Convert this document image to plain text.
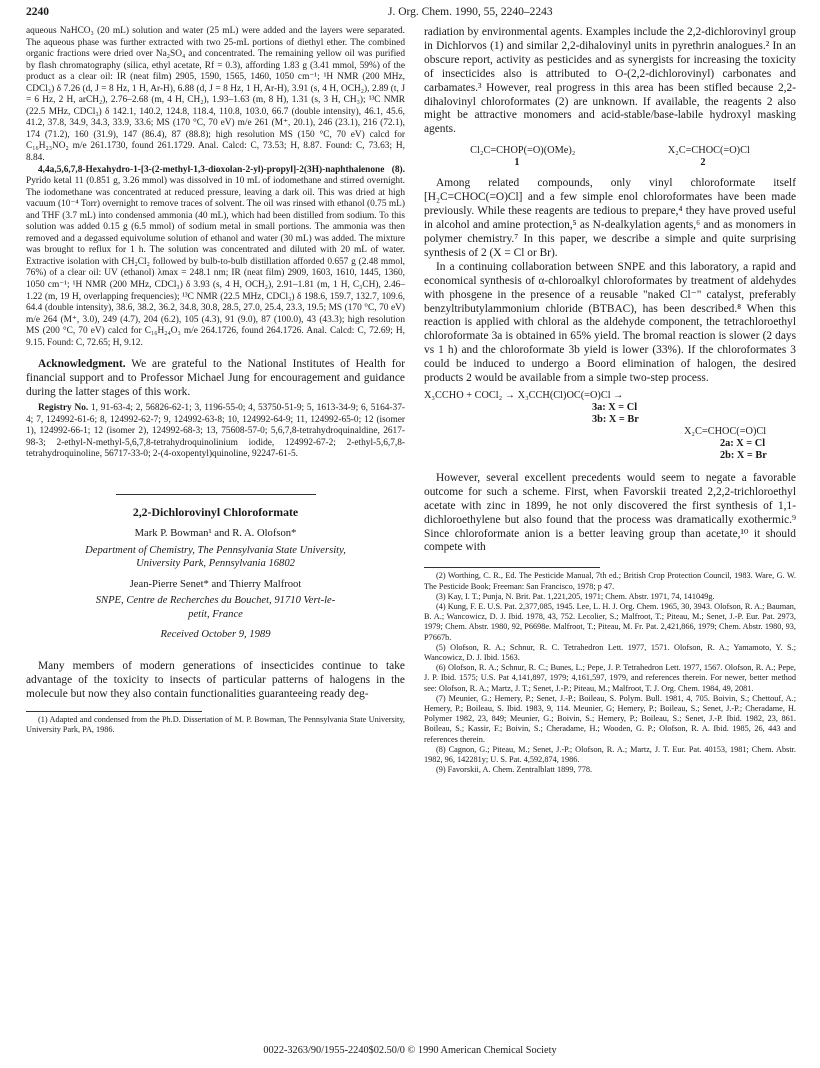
2240	J. Org. Chem. 1990, 55, 2240–2243

aqueous NaHCO₃ (20 mL) solution and water (25 mL) were added and the layers were separated. The aqueous phase was further extracted with two 25-mL portions of diethyl ether. The combined organic fractions were dried over Na₂SO₄ and concentrated. The remaining yellow oil was purified by flash chromatography (silica, ethyl acetate, Rf = 0.3), affording 1.83 g (3.41 mmol, 59%) of the product as a clear oil: IR (neat film) 2905, 1590, 1565, 1460, 1050 cm⁻¹; ¹H NMR (200 MHz, CDCl₃) δ 7.26 (d, J = 8 Hz, 1 H, Ar-H), 6.88 (d, J = 8 Hz, 1 H, Ar-H), 3.91 (s, 4 H, OCH₂), 2.89 (t, J = 6 Hz, 2 H, arCH₂), 2.76–2.68 (m, 4 H, CH₂), 1.93–1.63 (m, 8 H), 1.31 (s, 3 H, CH₃); ¹³C NMR (22.5 MHz, CDCl₃) δ 142.1, 140.2, 124.8, 118.4, 110.8, 103.0, 66.7 (double intensity), 46.1, 45.6, 41.2, 37.8, 34.9, 34.3, 33.9, 33.6; MS (170 °C, 70 eV) m/e 261 (M⁺, 20.1), 246 (23.1), 216 (72.1), 174 (71.2), 160 (31.9), 147 (86.4), 87 (88.8); high resolution MS (150 °C, 70 eV) calcd for C₁₆H₂₃NO₂ m/e 261.1730, found 261.1729. Anal. Calcd: C, 73.53; H, 8.87. Found: C, 73.63; H, 8.84.

4,4a,5,6,7,8-Hexahydro-1-[3-(2-methyl-1,3-dioxolan-2-yl)-propyl]-2(3H)-naphthalenone (8). Pyrido ketal 11 (0.851 g, 3.26 mmol) was dissolved in 10 mL of iodomethane and stirred overnight. The iodomethane was concentrated at reduced pressure, leaving a dark oil. This was dried at high vacuum (10⁻⁴ Torr) overnight to remove traces of solvent. The oil was rinsed with ethanol (0.75 mL) and THF (3.7 mL) into condensed ammonia (40 mL), which had been distilled from sodium. To this solution was added 0.15 g (6.5 mmol) of sodium metal in small portions. The ammonia was then removed and a degassed equivolume solution of ethanol and water (30 mL) was added. The mixture was brought to reflux for 1 h. The solution was concentrated and diluted with 20 mL of water. Extractive isolation with CH₂Cl₂ followed by bulb-to-bulb distillation afforded 0.657 g (2.48 mmol, 76%) of a clear oil: UV (ethanol) λmax = 248.1 nm; IR (neat film) 2909, 1603, 1610, 1445, 1360, 1050 cm⁻¹; ¹H NMR (200 MHz, CDCl₃) δ 3.93 (s, 4 H, OCH₂), 2.91–1.81 (m, 1 H, C₃CH), 2.46–1.22 (m, 19 H, overlapping frequencies); ¹³C NMR (22.5 MHz, CDCl₃) δ 198.6, 159.7, 132.7, 109.6, 64.4 (double intensity), 38.6, 38.2, 36.2, 34.8, 30.8, 28.5, 27.0, 25.4, 23.3, 19.5; MS (170 °C, 70 eV) m/e 264 (M⁺, 3.0), 249 (4.7), 204 (6.2), 105 (4.3), 91 (9.0), 87 (100.0), 43 (43.3); high resolution MS (200 °C, 70 eV) calcd for C₁₆H₂₄O₃ m/e 264.1726, found 264.1726. Anal. Calcd: C, 72.69; H, 9.15. Found: C, 72.65; H, 9.12.

Acknowledgment. We are grateful to the National Institutes of Health for financial support and to Professor Michael Jung for encouragement and guidance during the latter stages of this work.

Registry No. 1, 91-63-4; 2, 56826-62-1; 3, 1196-55-0; 4, 53750-51-9; 5, 1613-34-9; 6, 5164-37-4; 7, 124992-61-6; 8, 124992-62-7; 9, 124992-63-8; 10, 124992-64-9; 11, 124992-65-0; 12 (isomer 1), 124992-66-1; 12 (isomer 2), 124992-68-3; 13, 75608-57-0; 5,6,7,8-tetrahydroquinaldine, 2617-98-3; 2-ethyl-N-methyl-5,6,7,8-tetrahydroquinolinium iodide, 124992-67-2; 2-ethyl-5,6,7,8-tetrahydroquinoline, 56717-33-0; 2-(4-oxopentyl)quinoline, 92247-61-5.

2,2-Dichlorovinyl Chloroformate
Mark P. Bowman¹ and R. A. Olofson*
Department of Chemistry, The Pennsylvania State University, University Park, Pennsylvania 16802
Jean-Pierre Senet* and Thierry Malfroot
SNPE, Centre de Recherches du Bouchet, 91710 Vert-le-petit, France
Received October 9, 1989

Many members of modern generations of insecticides continue to take advantage of the toxicity to insects of particular patterns of halogens in the molecule but now they also contain functionalities guaranteeing ready deg-

(1) Adapted and condensed from the Ph.D. Dissertation of M. P. Bowman, The Pennsylvania State University, University Park, PA, 1986.

radiation by environmental agents. Examples include the 2,2-dichlorovinyl group in Dichlorvos (1) and similar 2,2-dihalovinyl units in pyrethrin analogues.² In an obscure report, activity as pesticides and as synergists for increasing the toxicity of insecticides also is attributed to O-(2,2-dichlorovinyl) carbonates and carbamates.³ However, real progress in this area has been stifled because 2,2-dihalovinyl chloroformates (2) are unknown. If available, the reagents 2 also might be attractive monomers and acid-stable/base-labile hydroxyl masking agents.

Cl₂C=CHOP(=O)(OMe)₂	X₂C=CHOC(=O)Cl
1	2

Among related compounds, only vinyl chloroformate itself [H₂C=CHOC(=O)Cl] and a few simple enol chloroformates have been made previously. While these reagents are tedious to prepare,⁴ they have proved useful in alcohol and amine protection,⁵ as N-dealkylation agents,⁶ and as monomers in polymer chemistry.⁷ In this paper, we describe a simple and quite surprising synthesis of 2 (X = Cl or Br).

In a continuing collaboration between SNPE and this laboratory, a rapid and economical synthesis of α-chloroalkyl chloroformates by treatment of aldehydes with phosgene in the presence of a reusable "naked Cl⁻" catalyst, preferably benzyltributylammonium chloride (BTBAC), has been described.⁸ When this reaction is applied with chloral as the aldehyde component, the tetrachloroethyl chloroformate 3a is obtained in 65% yield. The bromal reaction is slower (2 days vs 1 h) and the chloroformate 3b yield is lower (33%). If the chloroformates 3 could be induced to undergo a Boord elimination of halogen, the desired products 2 would be available from a simple two-step process.

X₃CCHO + COCl₂ → X₃CCH(Cl)OC(=O)Cl →
3a: X = Cl
3b: X = Br
X₂C=CHOC(=O)Cl
2a: X = Cl
2b: X = Br

However, several excellent precedents would seem to negate a favorable outcome for such a scheme. First, when Favorskii treated 2,2,2-trichloroethyl acetate with zinc in 1899, he not only discovered the first synthesis of 1,1-dichloroethylene but also found that the process was dramatically exothermic.⁹ Since chloroformate anion is a better leaving group than acetate,¹⁰ it should compete with

(2) Worthing, C. R., Ed. The Pesticide Manual, 7th ed.; British Crop Protection Council, 1983. Ware, G. W. The Pesticide Book; Freeman: San Francisco, 1978; p 47.

(3) Kay, I. T.; Punja, N. Brit. Pat. 1,221,205, 1971; Chem. Abstr. 1971, 74, 141049g.

(4) Kung, F. E. U.S. Pat. 2,377,085, 1945. Lee, L. H. J. Org. Chem. 1965, 30, 3943. Olofson, R. A.; Bauman, B. A.; Wancowicz, D. J. Ibid. 1978, 43, 752. Lecolier, S.; Malfroot, T.; Piteau, M.; Senet, J.-P. Eur. Pat. 2973, 1979; Chem. Abstr. 1980, 92, P6698e. Malfroot, T.; Piteau, M. Fr. Pat. 2,421,866, 1979; Chem. Abstr. 1980, 93, P7667b.

(5) Olofson, R. A.; Schnur, R. C. Tetrahedron Lett. 1977, 1571. Olofson, R. A.; Yamamoto, Y. S.; Wancowicz, D. J. Ibid. 1563.

(6) Olofson, R. A.; Schnur, R. C.; Bunes, L.; Pepe, J. P. Tetrahedron Lett. 1977, 1567. Olofson, R. A.; Pepe, J. P. Ibid. 1575; U.S. Pat 4,141,897, 1979; 4,161,597, 1979, and references therein. For newer, better method see: Olofson, R. A.; Martz, J. T.; Senet, J.-P.; Piteau, M.; Malfroot, T. J. Org. Chem. 1984, 49, 2081.

(7) Meunier, G.; Hemery, P.; Senet, J.-P.; Boileau, S. Polym. Bull. 1981, 4, 705. Boivin, S.; Chettouf, A.; Hemery, P.; Boileau, S. Ibid. 1983, 9, 114. Meunier, G; Hemery, P.; Boileau, S.; Senet, J.-P.; Cheradame, H. Polymer 1982, 23, 849; Meunier, G.; Boivin, S.; Hemery, P.; Boileau, S.; Senet, J.-P. Ibid. 1982, 23, 861. Boileau, S.; Kassir, F.; Boivin, S.; Cheradame, H.; Wooden, G. P.; Olofson, R. A. Ibid. 1985, 26, 443 and references therein.

(8) Cagnon, G.; Piteau, M.; Senet, J.-P.; Olofson, R. A.; Martz, J. T. Eur. Pat. 40153, 1981; Chem. Abstr. 1982, 96, 142281y; U. S. Pat. 4,592,874, 1986.

(9) Favorskii, A. Chem. Zentralblatt 1899, 778.

0022-3263/90/1955-2240$02.50/0 © 1990 American Chemical Society
